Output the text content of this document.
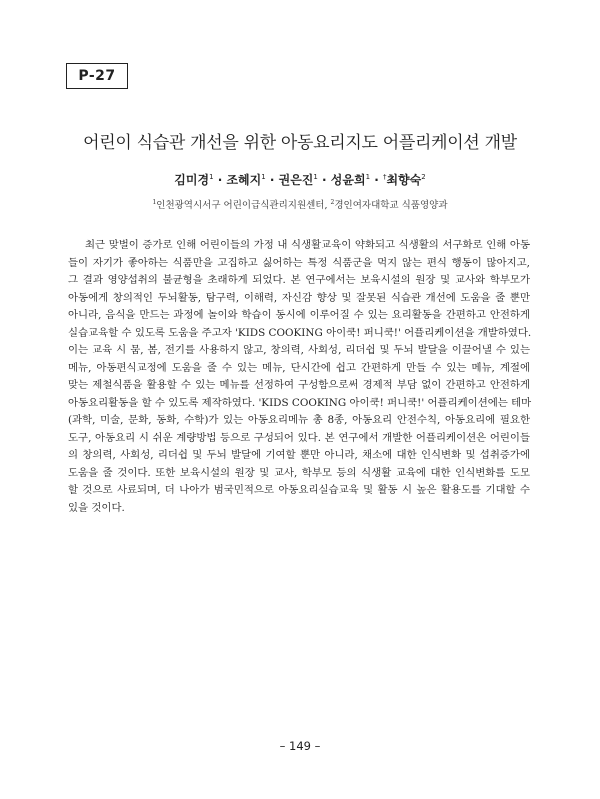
P-27
어린이 식습관 개선을 위한 아동요리지도 어플리케이션 개발
김미경$^1$ · 조혜지$^1$ · 권은진$^1$ · 성윤희$^1$ · †최향숙$^2$
$^1$인천광역시서구 어린이급식관리지원센터, $^2$경인여자대학교 식품영양과
최근 맞벌이 증가로 인해 어린이들의 가정 내 식생활교육이 약화되고 식생활의 서구화로 인해 아동
들이 자기가 좋아하는 식품만을 고집하고 싫어하는 특정 식품군을 먹지 않는 편식 행동이 많아지고,
그 결과 영양섭취의 불균형을 초래하게 되었다. 본 연구에서는 보육시설의 원장 및 교사와 학부모가
아동에게 창의적인 두뇌활동, 탐구력, 이해력, 자신감 향상 및 잘못된 식습관 개선에 도움을 줄 뿐만
아니라, 음식을 만드는 과정에 놀이와 학습이 동시에 이루어질 수 있는 요리활동을 간편하고 안전하게
실습교육할 수 있도록 도움을 주고자 'KIDS COOKING 아이쿡! 퍼니쿡!' 어플리케이션을 개발하였다.
이는 교육 시 뭄, 봄, 전기를 사용하지 않고, 창의력, 사회성, 리더쉽 및 두뇌 발달을 이끌어낼 수 있는
메뉴, 아동편식교정에 도움을 줄 수 있는 메뉴, 단시간에 쉽고 간편하게 만들 수 있는 메뉴, 계절에
맞는 제철식품을 활용할 수 있는 메뉴를 선정하여 구성함으로써 경제적 부담 없이 간편하고 안전하게
아동요리활동을 할 수 있도록 제작하였다. 'KIDS COOKING 아이쿡! 퍼니쿡!' 어플리케이션에는 테마
(과학, 미술, 문화, 동화, 수학)가 있는 아동요리메뉴 총 8종, 아동요리 안전수칙, 아동요리에 필요한
도구, 아동요리 시 쉬운 계량방법 등으로 구성되어 있다. 본 연구에서 개발한 어플리케이션은 어린이들
의 창의력, 사회성, 리더쉽 및 두뇌 발달에 기여할 뿐만 아니라, 채소에 대한 인식변화 및 섭취증가에
도움을 줄 것이다. 또한 보육시설의 원장 및 교사, 학부모 등의 식생활 교육에 대한 인식변화를 도모
할 것으로 사료되며, 더 나아가 범국민적으로 아동요리실습교육 및 활동 시 높은 활용도를 기대할 수
있을 것이다.
– 149 –
